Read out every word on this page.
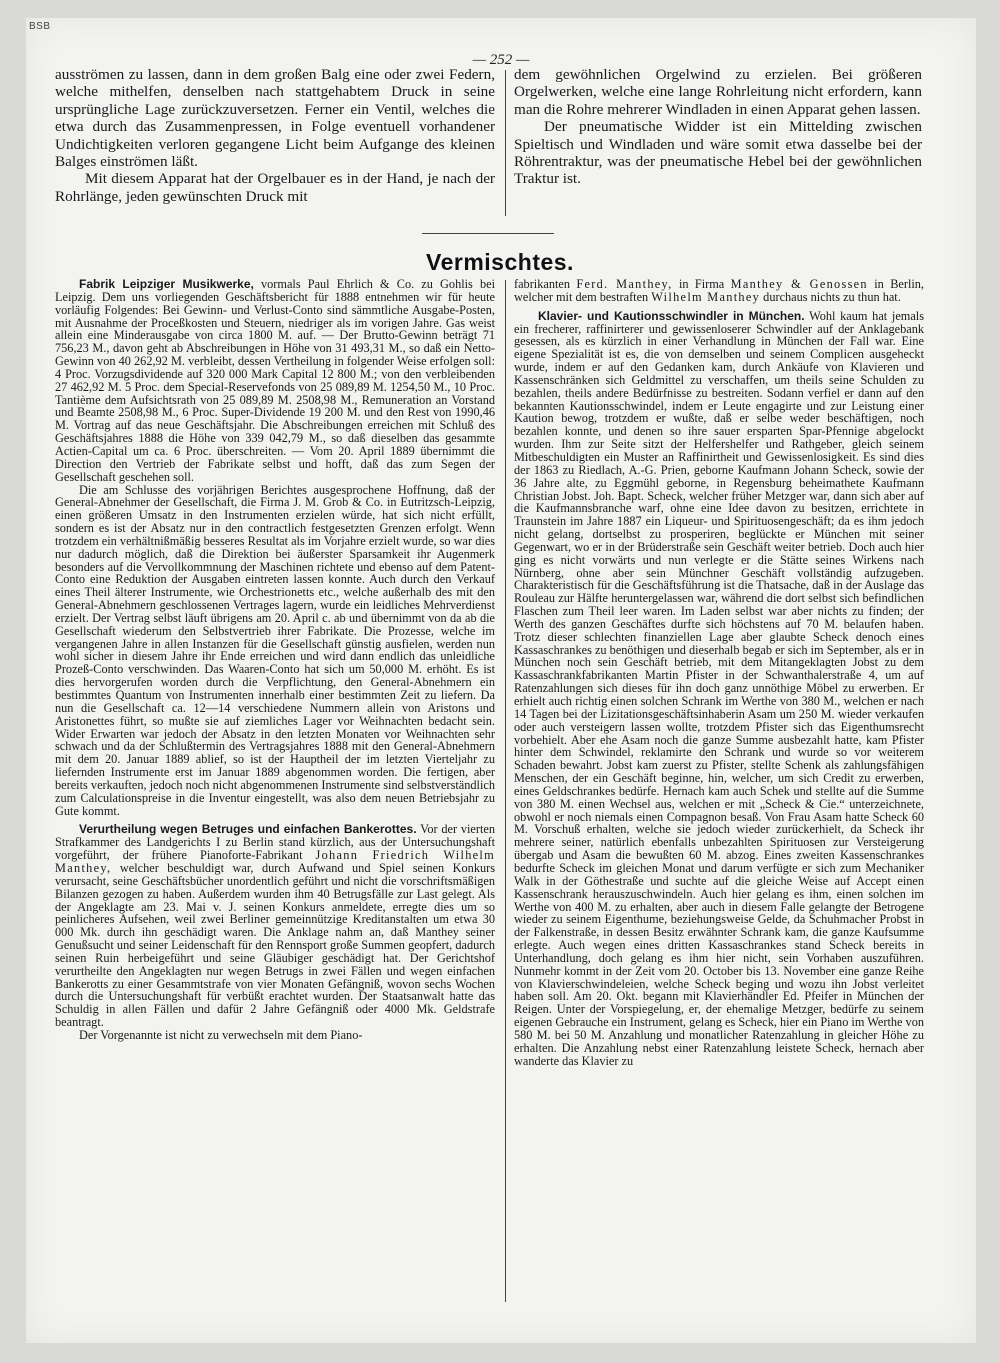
BSB
— 252 —

ausströmen zu lassen, dann in dem großen Balg eine oder zwei Federn, welche mithelfen, denselben nach stattgehabtem Druck in seine ursprüngliche Lage zurückzuversetzen. Ferner ein Ventil, welches die etwa durch das Zusammenpressen, in Folge eventuell vorhandener Undichtigkeiten verloren gegangene Licht beim Aufgange des kleinen Balges einströmen läßt.

Mit diesem Apparat hat der Orgelbauer es in der Hand, je nach der Rohrlänge, jeden gewünschten Druck mit

dem gewöhnlichen Orgelwind zu erzielen. Bei größeren Orgelwerken, welche eine lange Rohrleitung nicht erfordern, kann man die Rohre mehrerer Windladen in einen Apparat gehen lassen.

Der pneumatische Widder ist ein Mittelding zwischen Spieltisch und Windladen und wäre somit etwa dasselbe bei der Röhrentraktur, was der pneumatische Hebel bei der gewöhnlichen Traktur ist.

Vermischtes.

Fabrik Leipziger Musikwerke, vormals Paul Ehrlich & Co. zu Gohlis bei Leipzig. Dem uns vorliegenden Geschäftsbericht für 1888 entnehmen wir für heute vorläufig Folgendes: Bei Gewinn- und Verlust-Conto sind sämmtliche Ausgabe-Posten, mit Ausnahme der Proceßkosten und Steuern, niedriger als im vorigen Jahre. Gas weist allein eine Minderausgabe von circa 1800 M. auf. — Der Brutto-Gewinn beträgt 71 756,23 M., davon geht ab Abschreibungen in Höhe von 31 493,31 M., so daß ein Netto-Gewinn von 40 262,92 M. verbleibt, dessen Vertheilung in folgender Weise erfolgen soll: 4 Proc. Vorzugsdividende auf 320 000 Mark Capital 12 800 M.; von den verbleibenden 27 462,92 M. 5 Proc. dem Special-Reservefonds von 25 089,89 M. 1254,50 M., 10 Proc. Tantième dem Aufsichtsrath von 25 089,89 M. 2508,98 M., Remuneration an Vorstand und Beamte 2508,98 M., 6 Proc. Super-Dividende 19 200 M. und den Rest von 1990,46 M. Vortrag auf das neue Geschäftsjahr. Die Abschreibungen erreichen mit Schluß des Geschäftsjahres 1888 die Höhe von 339 042,79 M., so daß dieselben das gesammte Actien-Capital um ca. 6 Proc. überschreiten. — Vom 20. April 1889 übernimmt die Direction den Vertrieb der Fabrikate selbst und hofft, daß das zum Segen der Gesellschaft geschehen soll.

Die am Schlusse des vorjährigen Berichtes ausgesprochene Hoffnung, daß der General-Abnehmer der Gesellschaft, die Firma J. M. Grob & Co. in Eutritzsch-Leipzig, einen größeren Umsatz in den Instrumenten erzielen würde, hat sich nicht erfüllt, sondern es ist der Absatz nur in den contractlich festgesetzten Grenzen erfolgt. Wenn trotzdem ein verhältnißmäßig besseres Resultat als im Vorjahre erzielt wurde, so war dies nur dadurch möglich, daß die Direktion bei äußerster Sparsamkeit ihr Augenmerk besonders auf die Vervollkommnung der Maschinen richtete und ebenso auf dem Patent-Conto eine Reduktion der Ausgaben eintreten lassen konnte. Auch durch den Verkauf eines Theil älterer Instrumente, wie Orchestrionetts etc., welche außerhalb des mit den General-Abnehmern geschlossenen Vertrages lagern, wurde ein leidliches Mehrverdienst erzielt. Der Vertrag selbst läuft übrigens am 20. April c. ab und übernimmt von da ab die Gesellschaft wiederum den Selbstvertrieb ihrer Fabrikate. Die Prozesse, welche im vergangenen Jahre in allen Instanzen für die Gesellschaft günstig ausfielen, werden nun wohl sicher in diesem Jahre ihr Ende erreichen und wird dann endlich das unleidliche Prozeß-Conto verschwinden. Das Waaren-Conto hat sich um 50,000 M. erhöht. Es ist dies hervorgerufen worden durch die Verpflichtung, den General-Abnehmern ein bestimmtes Quantum von Instrumenten innerhalb einer bestimmten Zeit zu liefern. Da nun die Gesellschaft ca. 12—14 verschiedene Nummern allein von Aristons und Aristonettes führt, so mußte sie auf ziemliches Lager vor Weihnachten bedacht sein. Wider Erwarten war jedoch der Absatz in den letzten Monaten vor Weihnachten sehr schwach und da der Schlußtermin des Vertragsjahres 1888 mit den General-Abnehmern mit dem 20. Januar 1889 ablief, so ist der Hauptheil der im letzten Vierteljahr zu liefernden Instrumente erst im Januar 1889 abgenommen worden. Die fertigen, aber bereits verkauften, jedoch noch nicht abgenommenen Instrumente sind selbstverständlich zum Calculationspreise in die Inventur eingestellt, was also dem neuen Betriebsjahr zu Gute kommt.

Verurtheilung wegen Betruges und einfachen Bankerottes. Vor der vierten Strafkammer des Landgerichts I zu Berlin stand kürzlich, aus der Untersuchungshaft vorgeführt, der frühere Pianoforte-Fabrikant Johann Friedrich Wilhelm Manthey, welcher beschuldigt war, durch Aufwand und Spiel seinen Konkurs verursacht, seine Geschäftsbücher unordentlich geführt und nicht die vorschriftsmäßigen Bilanzen gezogen zu haben. Außerdem wurden ihm 40 Betrugsfälle zur Last gelegt. Als der Angeklagte am 23. Mai v. J. seinen Konkurs anmeldete, erregte dies um so peinlicheres Aufsehen, weil zwei Berliner gemeinnützige Kreditanstalten um etwa 30 000 Mk. durch ihn geschädigt waren. Die Anklage nahm an, daß Manthey seiner Genußsucht und seiner Leidenschaft für den Rennsport große Summen geopfert, dadurch seinen Ruin herbeigeführt und seine Gläubiger geschädigt hat. Der Gerichtshof verurtheilte den Angeklagten nur wegen Betrugs in zwei Fällen und wegen einfachen Bankerotts zu einer Gesammtstrafe von vier Monaten Gefängniß, wovon sechs Wochen durch die Untersuchungshaft für verbüßt erachtet wurden. Der Staatsanwalt hatte das Schuldig in allen Fällen und dafür 2 Jahre Gefängniß oder 4000 Mk. Geldstrafe beantragt.

Der Vorgenannte ist nicht zu verwechseln mit dem Piano-

fabrikanten Ferd. Manthey, in Firma Manthey & Genossen in Berlin, welcher mit dem bestraften Wilhelm Manthey durchaus nichts zu thun hat.

Klavier- und Kautionsschwindler in München. Wohl kaum hat jemals ein frecherer, raffinirterer und gewissenloserer Schwindler auf der Anklagebank gesessen, als es kürzlich in einer Verhandlung in München der Fall war. Eine eigene Spezialität ist es, die von demselben und seinem Complicen ausgeheckt wurde, indem er auf den Gedanken kam, durch Ankäufe von Klavieren und Kassenschränken sich Geldmittel zu verschaffen, um theils seine Schulden zu bezahlen, theils andere Bedürfnisse zu bestreiten. Sodann verfiel er dann auf den bekannten Kautionsschwindel, indem er Leute engagirte und zur Leistung einer Kaution bewog, trotzdem er wußte, daß er selbe weder beschäftigen, noch bezahlen konnte, und denen so ihre sauer ersparten Spar-Pfennige abgelockt wurden. Ihm zur Seite sitzt der Helfershelfer und Rathgeber, gleich seinem Mitbeschuldigten ein Muster an Raffinirtheit und Gewissenlosigkeit. Es sind dies der 1863 zu Riedlach, A.-G. Prien, geborne Kaufmann Johann Scheck, sowie der 36 Jahre alte, zu Eggmühl geborne, in Regensburg beheimathete Kaufmann Christian Jobst. Joh. Bapt. Scheck, welcher früher Metzger war, dann sich aber auf die Kaufmannsbranche warf, ohne eine Idee davon zu besitzen, errichtete in Traunstein im Jahre 1887 ein Liqueur- und Spirituosengeschäft; da es ihm jedoch nicht gelang, dortselbst zu prosperiren, beglückte er München mit seiner Gegenwart, wo er in der Brüderstraße sein Geschäft weiter betrieb. Doch auch hier ging es nicht vorwärts und nun verlegte er die Stätte seines Wirkens nach Nürnberg, ohne aber sein Münchner Geschäft vollständig aufzugeben. Charakteristisch für die Geschäftsführung ist die Thatsache, daß in der Auslage das Rouleau zur Hälfte heruntergelassen war, während die dort selbst sich befindlichen Flaschen zum Theil leer waren. Im Laden selbst war aber nichts zu finden; der Werth des ganzen Geschäftes durfte sich höchstens auf 70 M. belaufen haben. Trotz dieser schlechten finanziellen Lage aber glaubte Scheck denoch eines Kassaschrankes zu benöthigen und dieserhalb begab er sich im September, als er in München noch sein Geschäft betrieb, mit dem Mitangeklagten Jobst zu dem Kassaschrankfabrikanten Martin Pfister in der Schwanthalerstraße 4, um auf Ratenzahlungen sich dieses für ihn doch ganz unnöthige Möbel zu erwerben. Er erhielt auch richtig einen solchen Schrank im Werthe von 380 M., welchen er nach 14 Tagen bei der Lizitationsgeschäftsinhaberin Asam um 250 M. wieder verkaufen oder auch versteigern lassen wollte, trotzdem Pfister sich das Eigenthumsrecht vorbehielt. Aber ehe Asam noch die ganze Summe ausbezahlt hatte, kam Pfister hinter dem Schwindel, reklamirte den Schrank und wurde so vor weiterem Schaden bewahrt. Jobst kam zuerst zu Pfister, stellte Schenk als zahlungsfähigen Menschen, der ein Geschäft beginne, hin, welcher, um sich Credit zu erwerben, eines Geldschrankes bedürfe. Hernach kam auch Schek und stellte auf die Summe von 380 M. einen Wechsel aus, welchen er mit „Scheck & Cie.“ unterzeichnete, obwohl er noch niemals einen Compagnon besaß. Von Frau Asam hatte Scheck 60 M. Vorschuß erhalten, welche sie jedoch wieder zurückerhielt, da Scheck ihr mehrere seiner, natürlich ebenfalls unbezahlten Spirituosen zur Versteigerung übergab und Asam die bewußten 60 M. abzog. Eines zweiten Kassenschrankes bedurfte Scheck im gleichen Monat und darum verfügte er sich zum Mechaniker Walk in der Göthestraße und suchte auf die gleiche Weise auf Accept einen Kassenschrank herauszuschwindeln. Auch hier gelang es ihm, einen solchen im Werthe von 400 M. zu erhalten, aber auch in diesem Falle gelangte der Betrogene wieder zu seinem Eigenthume, beziehungsweise Gelde, da Schuhmacher Probst in der Falkenstraße, in dessen Besitz erwähnter Schrank kam, die ganze Kaufsumme erlegte. Auch wegen eines dritten Kassaschrankes stand Scheck bereits in Unterhandlung, doch gelang es ihm hier nicht, sein Vorhaben auszuführen. Nunmehr kommt in der Zeit vom 20. October bis 13. November eine ganze Reihe von Klavierschwindeleien, welche Scheck beging und wozu ihn Jobst verleitet haben soll. Am 20. Okt. begann mit Klavierhändler Ed. Pfeifer in München der Reigen. Unter der Vorspiegelung, er, der ehemalige Metzger, bedürfe zu seinem eigenen Gebrauche ein Instrument, gelang es Scheck, hier ein Piano im Werthe von 580 M. bei 50 M. Anzahlung und monatlicher Ratenzahlung in gleicher Höhe zu erhalten. Die Anzahlung nebst einer Ratenzahlung leistete Scheck, hernach aber wanderte das Klavier zu
